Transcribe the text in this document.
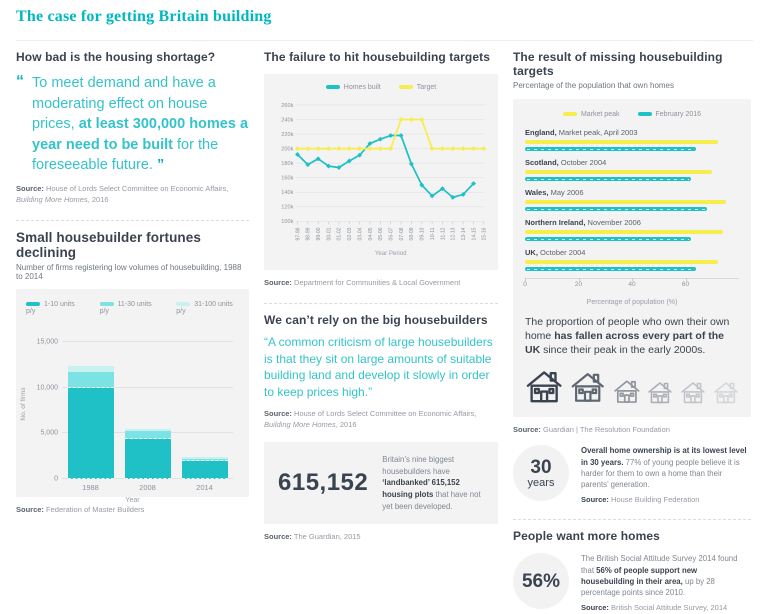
The case for getting Britain building
How bad is the housing shortage?
“ To meet demand and have a moderating effect on house prices, at least 300,000 homes a year need to be built for the foreseeable future. ”
Source: House of Lords Select Committee on Economic Affairs,
Building More Homes, 2016
Small housebuilder fortunes declining
Number of firms registering low volumes of housebuilding, 1988 to 2014
1-10 units p/y
11-30 units p/y
31-100 units p/y
No. of firms
0
5,000
10,000
15,000
1988	2008	2014
Year
Source: Federation of Master Builders
The failure to hit housebuilding targets
Homes built	Target
100k
120k
140k
160k
180k
200k
220k
240k
260k
97-98 98-99 99-00 00-01 01-02 02-03 03-04 04-05 05-06 06-07 07-08 08-09 09-10 10-11 11-12 12-13 13-14 14-15 15-16
Year Period
Source: Department for Communities & Local Government
We can’t rely on the big housebuilders
“A common criticism of large housebuilders is that they sit on large amounts of suitable building land and develop it slowly in order to keep prices high.”
Source: House of Lords Select Committee on Economic Affairs,
Building More Homes, 2016
615,152
Britain’s nine biggest housebuilders have ‘landbanked’ 615,152 housing plots that have not yet been developed.
Source: The Guardian, 2015
The result of missing housebuilding targets
Percentage of the population that own homes
Market peak	February 2016
England, Market peak, April 2003
Scotland, October 2004
Wales, May 2006
Northern Ireland, November 2006
UK, October 2004
0	20	40	60
Percentage of population (%)
The proportion of people who own their own home has fallen across every part of the UK since their peak in the early 2000s.
Source: Guardian | The Resolution Foundation
30
years
Overall home ownership is at its lowest level in 30 years. 77% of young people believe it is harder for them to own a home than their parents’ generation.
Source: House Building Federation
People want more homes
56%
The British Social Attitude Survey 2014 found that 56% of people support new housebuilding in their area, up by 28 percentage points since 2010.
Source: British Social Attitude Survey, 2014
